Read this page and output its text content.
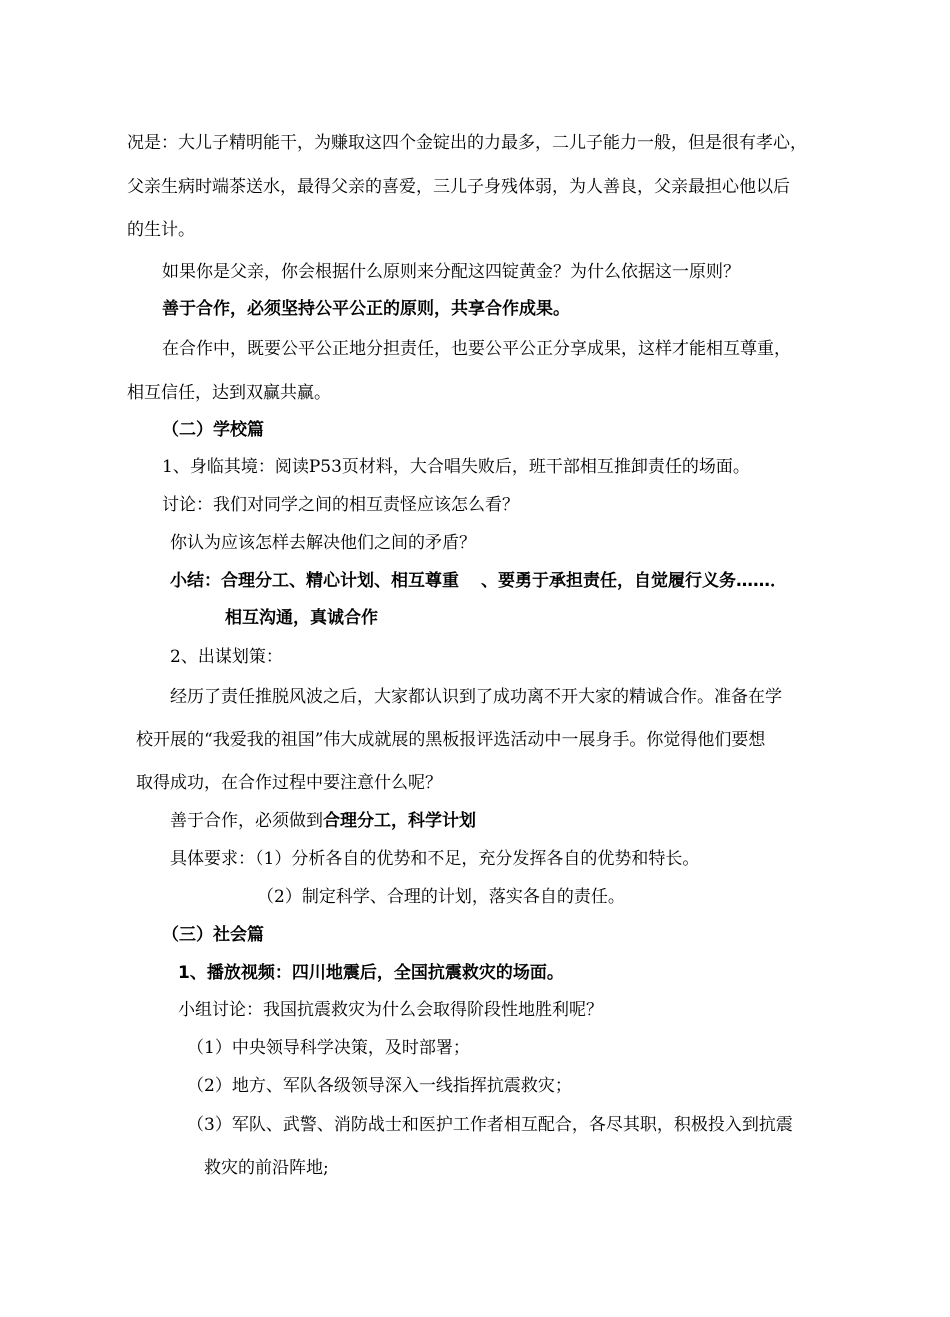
况是：大儿子精明能干，为赚取这四个金锭出的力最多，二儿子能力一般，但是很有孝心，
父亲生病时端茶送水，最得父亲的喜爱，三儿子身残体弱，为人善良，父亲最担心他以后
的生计。
如果你是父亲，你会根据什么原则来分配这四锭黄金？为什么依据这一原则？
善于合作，必须坚持公平公正的原则，共享合作成果。
在合作中，既要公平公正地分担责任，也要公平公正分享成果，这样才能相互尊重，
相互信任，达到双赢共赢。
（二）学校篇
1、身临其境：阅读P53页材料，大合唱失败后，班干部相互推卸责任的场面。
讨论：我们对同学之间的相互责怪应该怎么看？
你认为应该怎样去解决他们之间的矛盾？
小结：合理分工、精心计划、相互尊重 、要勇于承担责任，自觉履行义务……．
相互沟通，真诚合作
2、出谋划策：
经历了责任推脱风波之后，大家都认识到了成功离不开大家的精诚合作。准备在学
校开展的“我爱我的祖国”伟大成就展的黑板报评选活动中一展身手。你觉得他们要想
取得成功，在合作过程中要注意什么呢？
善于合作，必须做到合理分工，科学计划
具体要求：（1）分析各自的优势和不足，充分发挥各自的优势和特长。
（2）制定科学、合理的计划，落实各自的责任。
（三）社会篇
1、播放视频：四川地震后，全国抗震救灾的场面。
小组讨论：我国抗震救灾为什么会取得阶段性地胜利呢？
（1）中央领导科学决策，及时部署；
（2）地方、军队各级领导深入一线指挥抗震救灾；
（3）军队、武警、消防战士和医护工作者相互配合，各尽其职，积极投入到抗震
救灾的前沿阵地;
